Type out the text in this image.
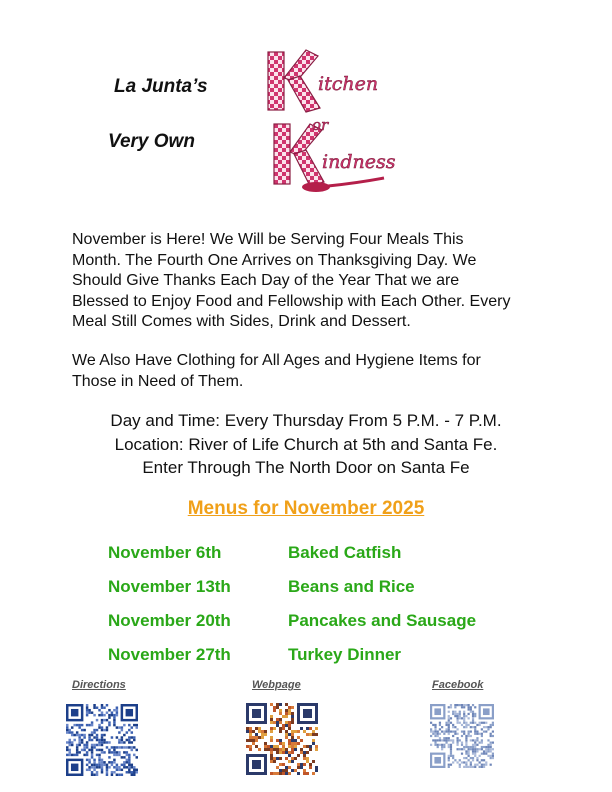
La Junta’s
Very Own
itchen
or
indness
November is Here! We Will be Serving Four Meals This
Month. The Fourth One Arrives on Thanksgiving Day. We
Should Give Thanks Each Day of the Year That we are
Blessed to Enjoy Food and Fellowship with Each Other. Every
Meal Still Comes with Sides, Drink and Dessert.
We Also Have Clothing for All Ages and Hygiene Items for
Those in Need of Them.
Day and Time: Every Thursday From 5 P.M. - 7 P.M.
Location: River of Life Church at 5th and Santa Fe.
Enter Through The North Door on Santa Fe
Menus for November 2025
November 6th	Baked Catfish
November 13th	Beans and Rice
November 20th	Pancakes and Sausage
November 27th	Turkey Dinner
Directions	Webpage	Facebook
